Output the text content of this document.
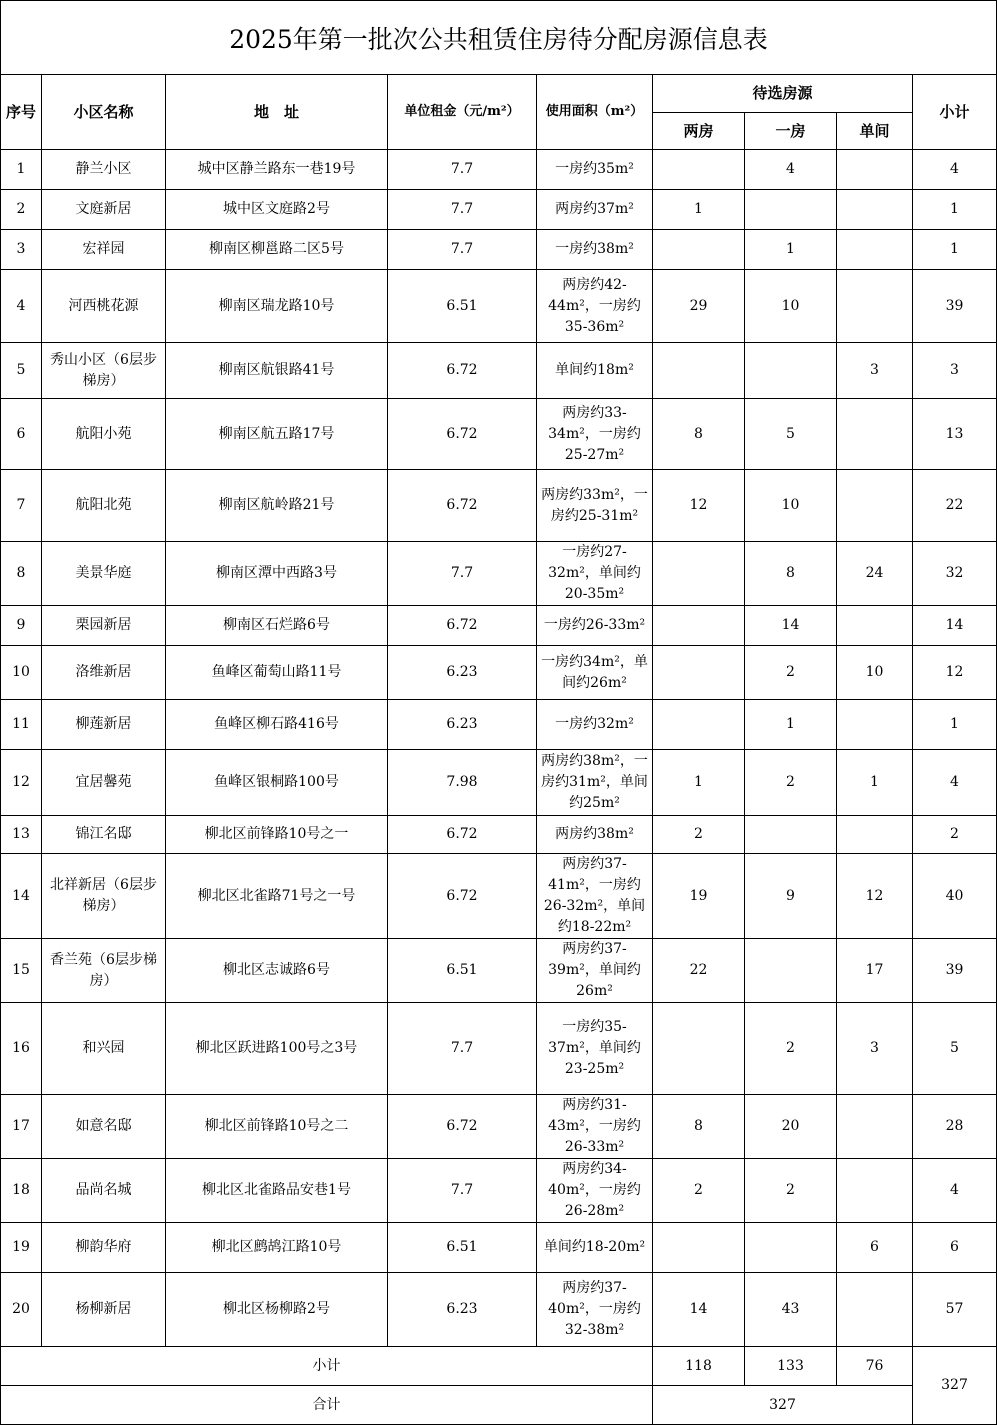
2025年第一批次公共租赁住房待分配房源信息表
序号	小区名称	地　址	单位租金（元/m²）	使用面积（m²）	待选房源			小计
					两房	一房	单间	
1	静兰小区	城中区静兰路东一巷19号	7.7	一房约35m²		4		4
2	文庭新居	城中区文庭路2号	7.7	两房约37m²	1			1
3	宏祥园	柳南区柳邕路二区5号	7.7	一房约38m²		1		1
4	河西桃花源	柳南区瑞龙路10号	6.51	两房约42-44m²，一房约35-36m²	29	10		39
5	秀山小区（6层步梯房）	柳南区航银路41号	6.72	单间约18m²			3	3
6	航阳小苑	柳南区航五路17号	6.72	两房约33-34m²，一房约25-27m²	8	5		13
7	航阳北苑	柳南区航岭路21号	6.72	两房约33m²，一房约25-31m²	12	10		22
8	美景华庭	柳南区潭中西路3号	7.7	一房约27-32m²，单间约20-35m²		8	24	32
9	栗园新居	柳南区石烂路6号	6.72	一房约26-33m²		14		14
10	洛维新居	鱼峰区葡萄山路11号	6.23	一房约34m²，单间约26m²		2	10	12
11	柳莲新居	鱼峰区柳石路416号	6.23	一房约32m²		1		1
12	宜居馨苑	鱼峰区银桐路100号	7.98	两房约38m²，一房约31m²，单间约25m²	1	2	1	4
13	锦江名邸	柳北区前锋路10号之一	6.72	两房约38m²	2			2
14	北祥新居（6层步梯房）	柳北区北雀路71号之一号	6.72	两房约37-41m²，一房约26-32m²，单间约18-22m²	19	9	12	40
15	香兰苑（6层步梯房）	柳北区志诚路6号	6.51	两房约37-39m²，单间约26m²	22		17	39
16	和兴园	柳北区跃进路100号之3号	7.7	一房约35-37m²，单间约23-25m²		2	3	5
17	如意名邸	柳北区前锋路10号之二	6.72	两房约31-43m²，一房约26-33m²	8	20		28
18	品尚名城	柳北区北雀路品安巷1号	7.7	两房约34-40m²，一房约26-28m²	2	2		4
19	柳韵华府	柳北区鹧鸪江路10号	6.51	单间约18-20m²			6	6
20	杨柳新居	柳北区杨柳路2号	6.23	两房约37-40m²，一房约32-38m²	14	43		57
小计					118	133	76	327
合计					327			
